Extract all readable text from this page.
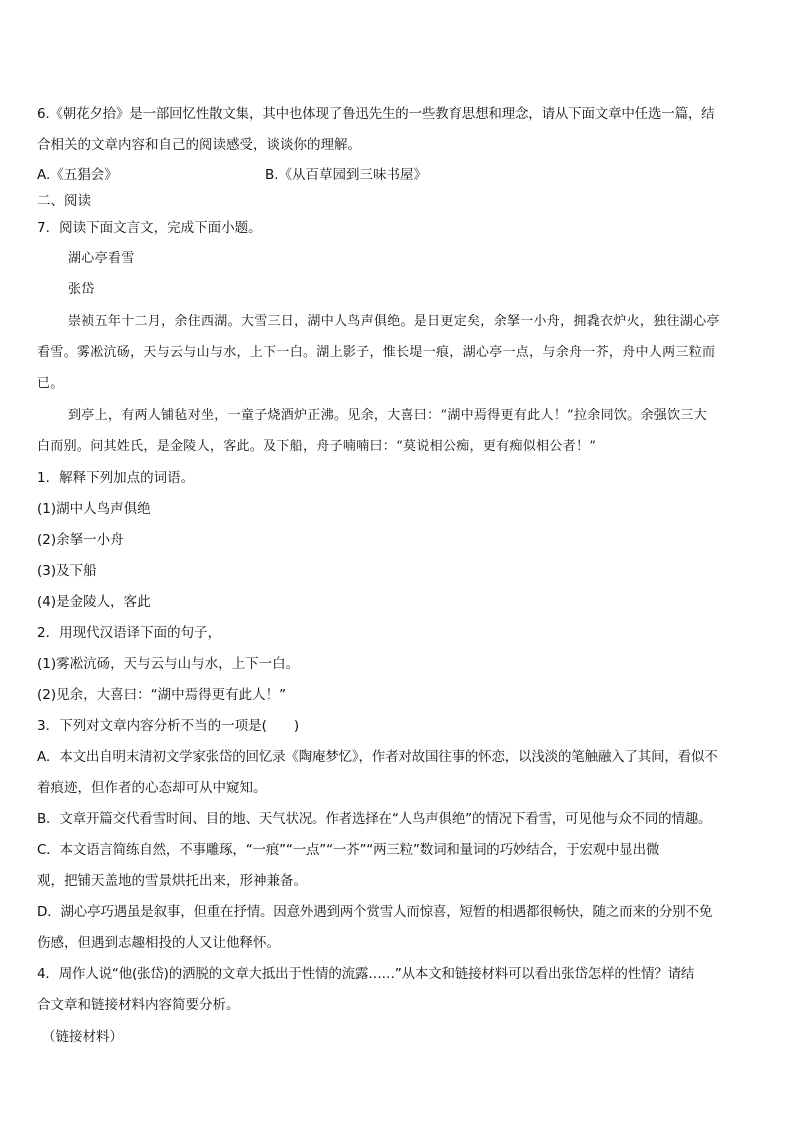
6.《朝花夕拾》是一部回忆性散文集，其中也体现了鲁迅先生的一些教育思想和理念，请从下面文章中任选一篇，结
合相关的文章内容和自己的阅读感受，谈谈你的理解。
A.《五猖会》	B.《从百草园到三味书屋》
二、阅读
7．阅读下面文言文，完成下面小题。
湖心亭看雪
张岱
崇祯五年十二月，余住西湖。大雪三日，湖中人鸟声俱绝。是日更定矣，余拏一小舟，拥毳衣炉火，独往湖心亭
看雪。雾凇沆砀，天与云与山与水，上下一白。湖上影子，惟长堤一痕，湖心亭一点，与余舟一芥，舟中人两三粒而
已。
到亭上，有两人铺毡对坐，一童子烧酒炉正沸。见余，大喜曰：“湖中焉得更有此人！”拉余同饮。余强饮三大
白而别。问其姓氏，是金陵人，客此。及下船，舟子喃喃曰：“莫说相公痴，更有痴似相公者！”
1．解释下列加点的词语。
(1)湖中人鸟声俱绝
(2)余拏一小舟
(3)及下船
(4)是金陵人，客此
2．用现代汉语译下面的句子，
(1)雾凇沆砀，天与云与山与水，上下一白。
(2)见余，大喜曰：“湖中焉得更有此人！”
3．下列对文章内容分析不当的一项是(　　)
A．本文出自明末清初文学家张岱的回忆录《陶庵梦忆》，作者对故国往事的怀恋，以浅淡的笔触融入了其间，看似不
着痕迹，但作者的心态却可从中窥知。
B．文章开篇交代看雪时间、目的地、天气状况。作者选择在“人鸟声俱绝”的情况下看雪，可见他与众不同的情趣。
C．本文语言简练自然，不事雕琢，“一痕”“一点”“一芥”“两三粒”数词和量词的巧妙结合，于宏观中显出微
观，把铺天盖地的雪景烘托出来，形神兼备。
D．湖心亭巧遇虽是叙事，但重在抒情。因意外遇到两个赏雪人而惊喜，短暂的相遇都很畅快，随之而来的分别不免
伤感，但遇到志趣相投的人又让他释怀。
4．周作人说“他(张岱)的洒脱的文章大抵出于性情的流露……”从本文和链接材料可以看出张岱怎样的性情？请结
合文章和链接材料内容简要分析。
（链接材料）
